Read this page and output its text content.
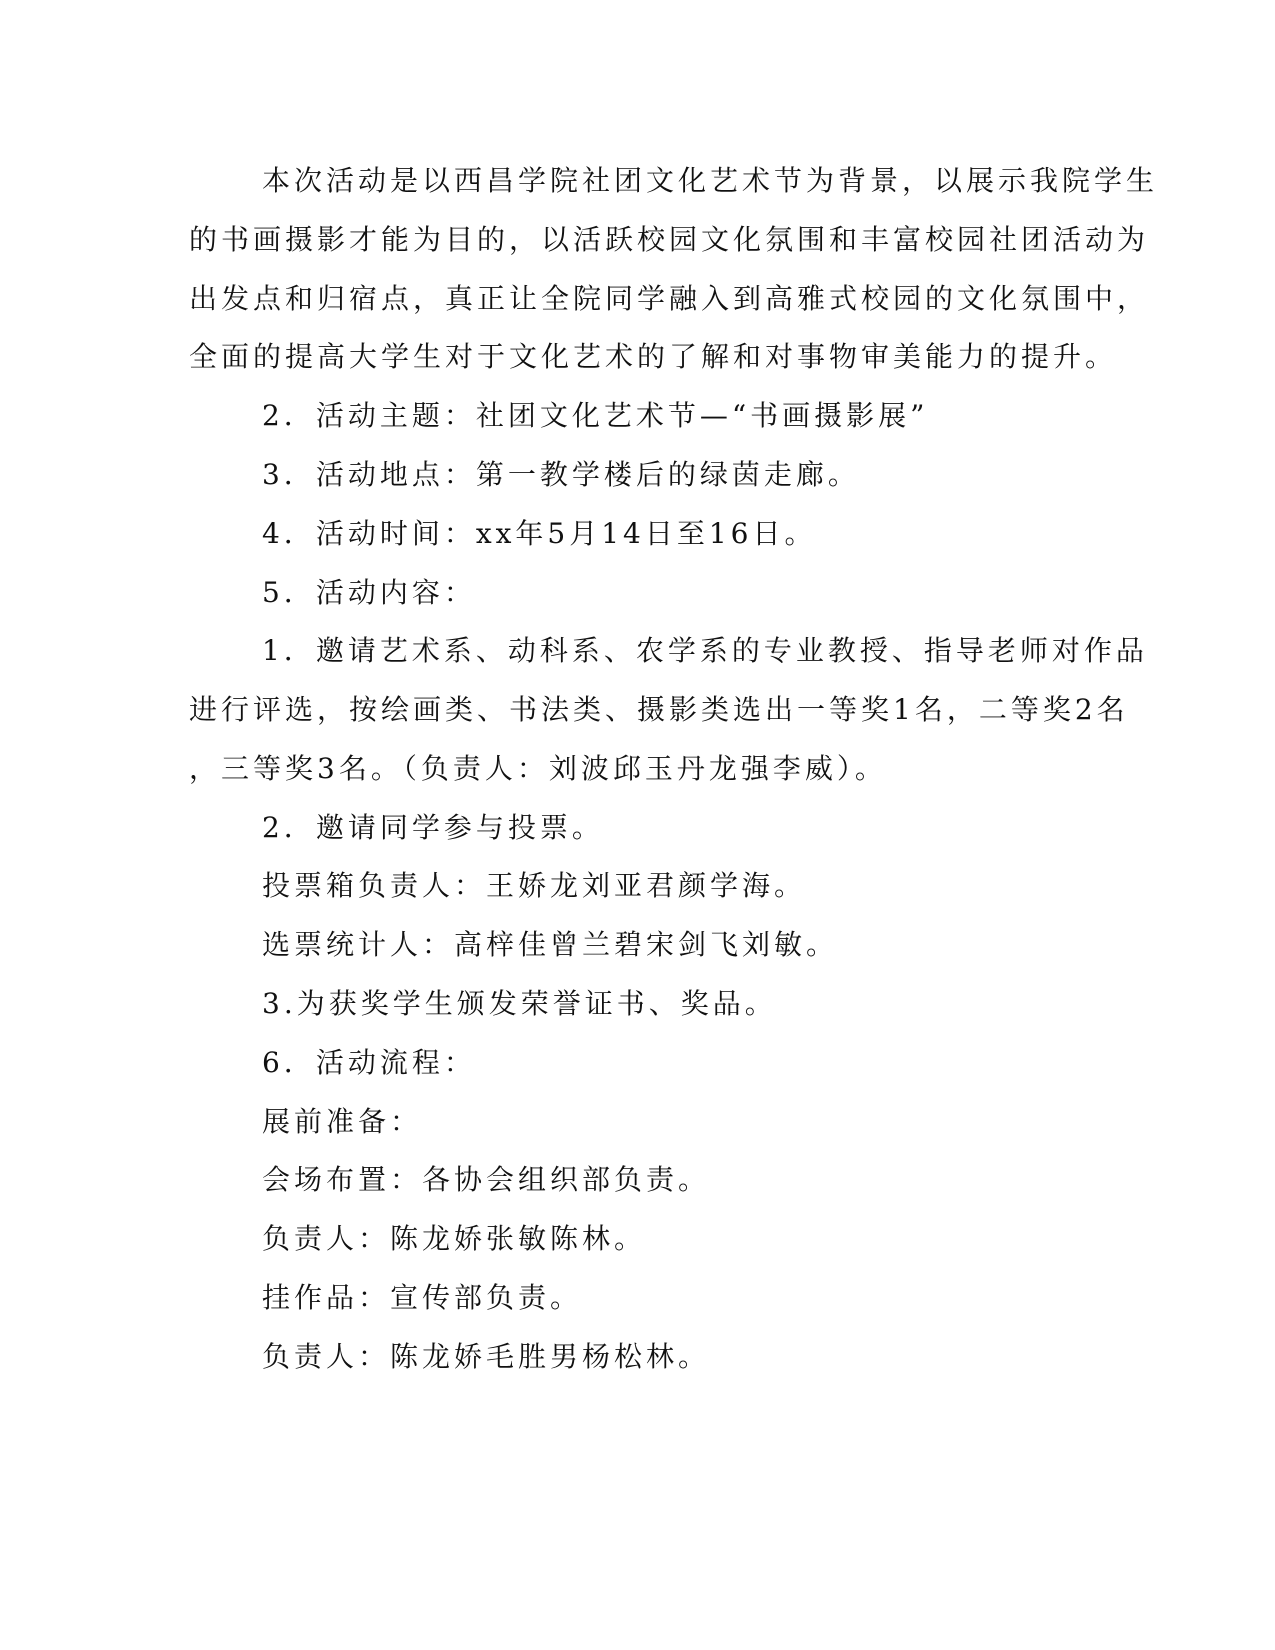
本次活动是以西昌学院社团文化艺术节为背景，以展示我院学生
的书画摄影才能为目的，以活跃校园文化氛围和丰富校园社团活动为
出发点和归宿点，真正让全院同学融入到高雅式校园的文化氛围中，
全面的提高大学生对于文化艺术的了解和对事物审美能力的提升。
2．活动主题：社团文化艺术节—“书画摄影展”
3．活动地点：第一教学楼后的绿茵走廊。
4．活动时间：xx年5月14日至16日。
5．活动内容：
1．邀请艺术系、动科系、农学系的专业教授、指导老师对作品
进行评选，按绘画类、书法类、摄影类选出一等奖1名，二等奖2名
，三等奖3名。（负责人：刘波邱玉丹龙强李威）。
2．邀请同学参与投票。
投票箱负责人：王娇龙刘亚君颜学海。
选票统计人：高梓佳曾兰碧宋剑飞刘敏。
3.为获奖学生颁发荣誉证书、奖品。
6．活动流程：
展前准备：
会场布置：各协会组织部负责。
负责人：陈龙娇张敏陈林。
挂作品：宣传部负责。
负责人：陈龙娇毛胜男杨松林。
